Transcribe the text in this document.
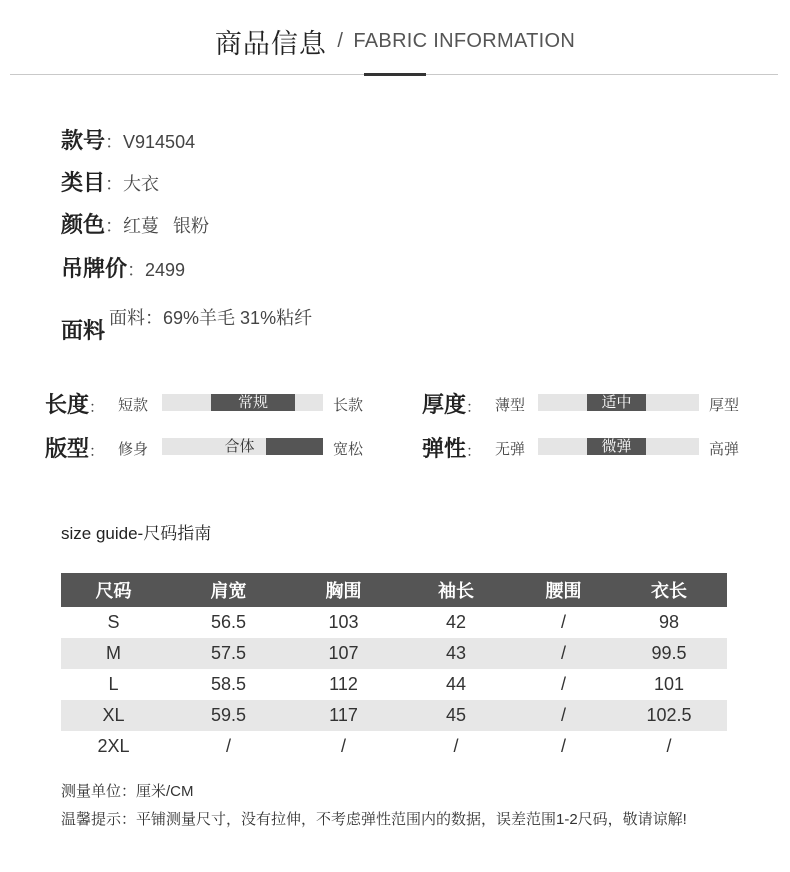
商品信息 / FABRIC INFORMATION
款号：V914504
类目：大衣
颜色：红蔓 银粉
吊牌价：2499
面料 面料：69%羊毛 31%粘纤
长度： 短款	常规	长款
版型： 修身	合体	宽松
厚度： 薄型	适中	厚型
弹性： 无弹	微弹	高弹
size guide-尺码指南
尺码	肩宽	胸围	袖长	腰围	衣长
S	56.5	103	42	/	98
M	57.5	107	43	/	99.5
L	58.5	112	44	/	101
XL	59.5	117	45	/	102.5
2XL	/	/	/	/	/
测量单位：厘米/CM
温馨提示：平铺测量尺寸，没有拉伸，不考虑弹性范围内的数据，误差范围1-2尺码，敬请谅解!
